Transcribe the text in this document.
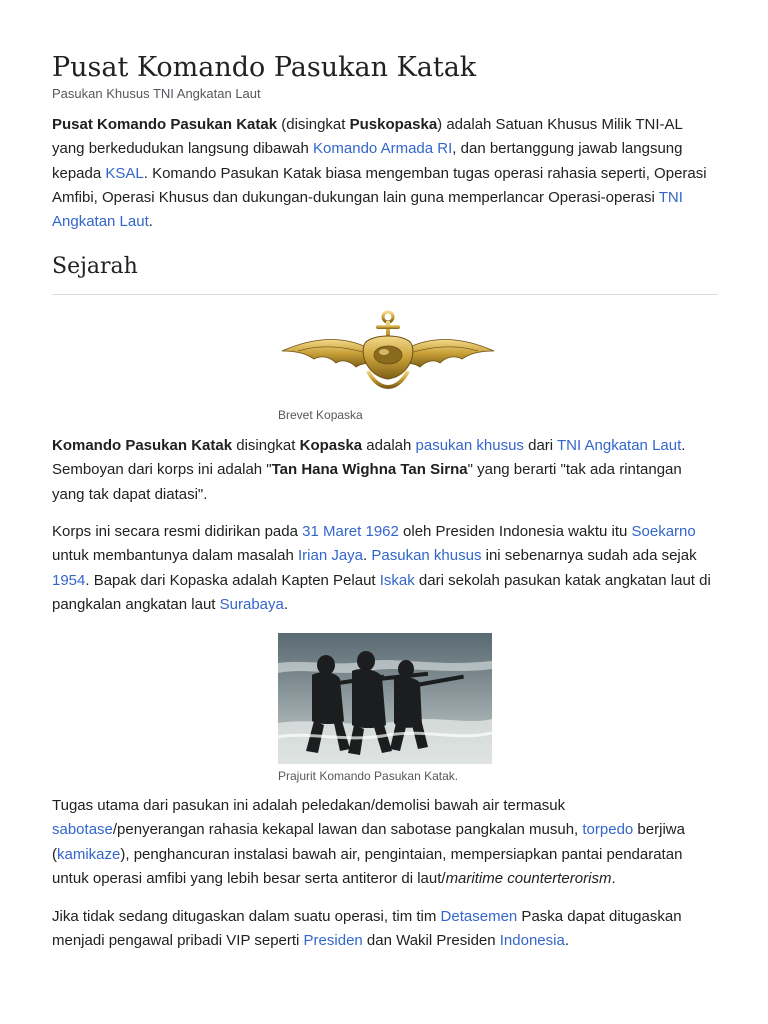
Pusat Komando Pasukan Katak
Pasukan Khusus TNI Angkatan Laut

Pusat Komando Pasukan Katak (disingkat Puskopaska) adalah Satuan Khusus Milik TNI-AL yang berkedudukan langsung dibawah Komando Armada RI, dan bertanggung jawab langsung kepada KSAL. Komando Pasukan Katak biasa mengemban tugas operasi rahasia seperti, Operasi Amfibi, Operasi Khusus dan dukungan-dukungan lain guna memperlancar Operasi-operasi TNI Angkatan Laut.

Sejarah
Brevet Kopaska

Komando Pasukan Katak disingkat Kopaska adalah pasukan khusus dari TNI Angkatan Laut. Semboyan dari korps ini adalah "Tan Hana Wighna Tan Sirna" yang berarti "tak ada rintangan yang tak dapat diatasi".

Korps ini secara resmi didirikan pada 31 Maret 1962 oleh Presiden Indonesia waktu itu Soekarno untuk membantunya dalam masalah Irian Jaya. Pasukan khusus ini sebenarnya sudah ada sejak 1954. Bapak dari Kopaska adalah Kapten Pelaut Iskak dari sekolah pasukan katak angkatan laut di pangkalan angkatan laut Surabaya.

Prajurit Komando Pasukan Katak.

Tugas utama dari pasukan ini adalah peledakan/demolisi bawah air termasuk sabotase/penyerangan rahasia kekapal lawan dan sabotase pangkalan musuh, torpedo berjiwa (kamikaze), penghancuran instalasi bawah air, pengintaian, mempersiapkan pantai pendaratan untuk operasi amfibi yang lebih besar serta antiteror di laut/maritime counterterorism.

Jika tidak sedang ditugaskan dalam suatu operasi, tim tim Detasemen Paska dapat ditugaskan menjadi pengawal pribadi VIP seperti Presiden dan Wakil Presiden Indonesia.
